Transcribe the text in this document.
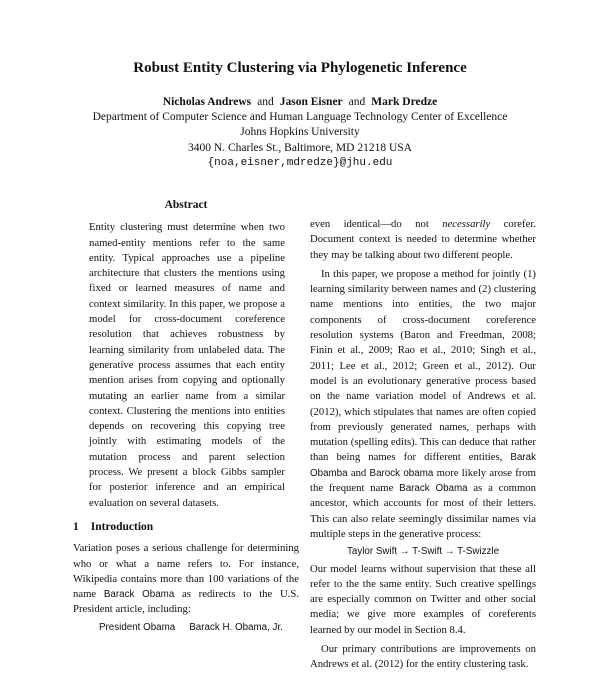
Robust Entity Clustering via Phylogenetic Inference
Nicholas Andrews and Jason Eisner and Mark Dredze
Department of Computer Science and Human Language Technology Center of Excellence
Johns Hopkins University
3400 N. Charles St., Baltimore, MD 21218 USA
{noa,eisner,mdredze}@jhu.edu
Abstract

Entity clustering must determine when two named-entity mentions refer to the same entity. Typical approaches use a pipeline architecture that clusters the mentions using fixed or learned measures of name and context similarity. In this paper, we propose a model for cross-document coreference resolution that achieves robustness by learning similarity from unlabeled data. The generative process assumes that each entity mention arises from copying and optionally mutating an earlier name from a similar context. Clustering the mentions into entities depends on recovering this copying tree jointly with estimating models of the mutation process and parent selection process. We present a block Gibbs sampler for posterior inference and an empirical evaluation on several datasets.

1 Introduction

Variation poses a serious challenge for determining who or what a name refers to. For instance, Wikipedia contains more than 100 variations of the name Barack Obama as redirects to the U.S. President article, including:

President Obama Barack H. Obama, Jr.

even identical—do not necessarily corefer. Document context is needed to determine whether they may be talking about two different people.

In this paper, we propose a method for jointly (1) learning similarity between names and (2) clustering name mentions into entities, the two major components of cross-document coreference resolution systems (Baron and Freedman, 2008; Finin et al., 2009; Rao et al., 2010; Singh et al., 2011; Lee et al., 2012; Green et al., 2012). Our model is an evolutionary generative process based on the name variation model of Andrews et al. (2012), which stipulates that names are often copied from previously generated names, perhaps with mutation (spelling edits). This can deduce that rather than being names for different entities, Barak Obamba and Barock obama more likely arose from the frequent name Barack Obama as a common ancestor, which accounts for most of their letters. This can also relate seemingly dissimilar names via multiple steps in the generative process:

Taylor Swift → T-Swift → T-Swizzle

Our model learns without supervision that these all refer to the the same entity. Such creative spellings are especially common on Twitter and other social media; we give more examples of coreferents learned by our model in Section 8.4.

Our primary contributions are improvements on Andrews et al. (2012) for the entity clustering task.
